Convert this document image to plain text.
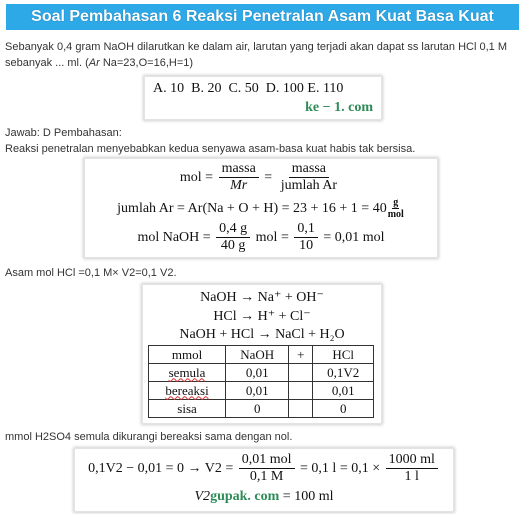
Soal Pembahasan 6 Reaksi Penetralan Asam Kuat Basa Kuat
Sebanyak 0,4 gram NaOH dilarutkan ke dalam air, larutan yang terjadi akan dapat ss larutan HCl 0,1 M
sebanyak ... ml. (Ar Na=23,O=16,H=1)
A. 10  B. 20  C. 50  D. 100 E. 110
ke − 1. com
Jawab: D Pembahasan:
Reaksi penetralan menyebabkan kedua senyawa asam-basa kuat habis tak bersisa.
mol = $\frac{\text{massa}}{Mr} = \frac{\text{massa}}{\text{jumlah Ar}}$
jumlah Ar = Ar(Na + O + H) = 23 + 16 + 1 = 40 g
mol
mol NaOH = $\frac{0,4 g}{40 g}$
mol =
$\frac{0,1}{10}$
= 0,01 mol
Asam mol HCl =0,1 M× V2=0,1 V2.
NaOH → Na⁺ + OH⁻
HCl → H⁺ + Cl⁻
NaOH + HCl → NaCl + H₂O
mmol	NaOH	+	HCl
semula	0,01		0,1V2
bereaksi	0,01		0,01
sisa	0		0
mmol H2SO4 semula dikurangi bereaksi sama dengan nol.
0,1V2 − 0,01 = 0 → V2 =
$\frac{\text{0,01 mol}}{0,1 M}$
= 0,1 l = 0,1 ×
$\frac{1000 ml}{1 l}$
V2 gupak. com
= 100 ml
